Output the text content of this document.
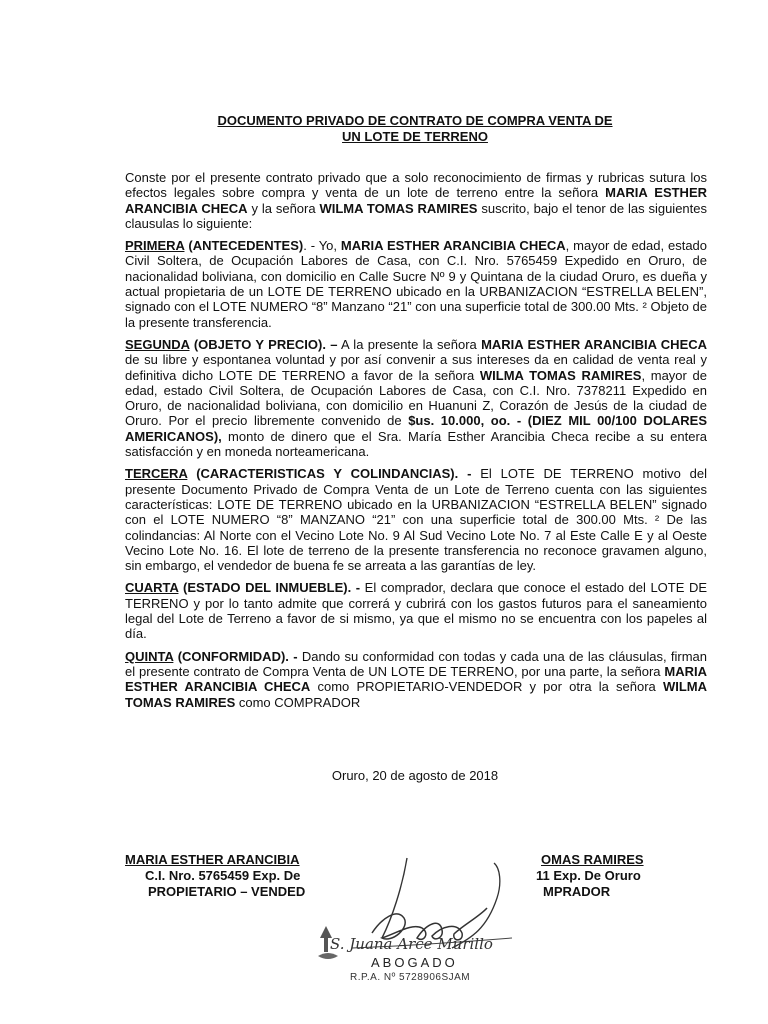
DOCUMENTO PRIVADO DE CONTRATO DE COMPRA VENTA DE
UN LOTE DE TERRENO

Conste por el presente contrato privado que a solo reconocimiento de firmas y rubricas sutura los efectos legales sobre compra y venta de un lote de terreno entre la señora MARIA ESTHER ARANCIBIA CHECA y la señora WILMA TOMAS RAMIRES suscrito, bajo el tenor de las siguientes clausulas lo siguiente:

PRIMERA (ANTECEDENTES). - Yo, MARIA ESTHER ARANCIBIA CHECA, mayor de edad, estado Civil Soltera, de Ocupación Labores de Casa, con C.I. Nro. 5765459 Expedido en Oruro, de nacionalidad boliviana, con domicilio en Calle Sucre Nº 9 y Quintana de la ciudad Oruro, es dueña y actual propietaria de un LOTE DE TERRENO ubicado en la URBANIZACION “ESTRELLA BELEN”, signado con el LOTE NUMERO “8” Manzano “21” con una superficie total de 300.00 Mts. ² Objeto de la presente transferencia.

SEGUNDA (OBJETO Y PRECIO). – A la presente la señora MARIA ESTHER ARANCIBIA CHECA de su libre y espontanea voluntad y por así convenir a sus intereses da en calidad de venta real y definitiva dicho LOTE DE TERRENO a favor de la señora WILMA TOMAS RAMIRES, mayor de edad, estado Civil Soltera, de Ocupación Labores de Casa, con C.I. Nro. 7378211 Expedido en Oruro, de nacionalidad boliviana, con domicilio en Huanuni Z, Corazón de Jesús de la ciudad de Oruro. Por el precio libremente convenido de $us. 10.000, oo. - (DIEZ MIL 00/100 DOLARES AMERICANOS), monto de dinero que el Sra. María Esther Arancibia Checa recibe a su entera satisfacción y en moneda norteamericana.

TERCERA (CARACTERISTICAS Y COLINDANCIAS). - El LOTE DE TERRENO motivo del presente Documento Privado de Compra Venta de un Lote de Terreno cuenta con las siguientes características: LOTE DE TERRENO ubicado en la URBANIZACION “ESTRELLA BELEN” signado con el LOTE NUMERO “8” MANZANO “21” con una superficie total de 300.00 Mts. ² De las colindancias: Al Norte con el Vecino Lote No. 9 Al Sud Vecino Lote No. 7 al Este Calle E y al Oeste Vecino Lote No. 16. El lote de terreno de la presente transferencia no reconoce gravamen alguno, sin embargo, el vendedor de buena fe se arreata a las garantías de ley.

CUARTA (ESTADO DEL INMUEBLE). - El comprador, declara que conoce el estado del LOTE DE TERRENO y por lo tanto admite que correrá y cubrirá con los gastos futuros para el saneamiento legal del Lote de Terreno a favor de si mismo, ya que el mismo no se encuentra con los papeles al día.

QUINTA (CONFORMIDAD). - Dando su conformidad con todas y cada una de las cláusulas, firman el presente contrato de Compra Venta de UN LOTE DE TERRENO, por una parte, la señora MARIA ESTHER ARANCIBIA CHECA como PROPIETARIO-VENDEDOR y por otra la señora WILMA TOMAS RAMIRES como COMPRADOR

Oruro, 20 de agosto de 2018
MARIA ESTHER ARANCIBIA
C.I. Nro. 5765459 Exp. De
PROPIETARIO – VENDED
OMAS RAMIRES
11 Exp. De Oruro
MPRADOR
S. Juana Arce Murillo
ABOGADO
R.P.A. Nº 5728906SJAM
